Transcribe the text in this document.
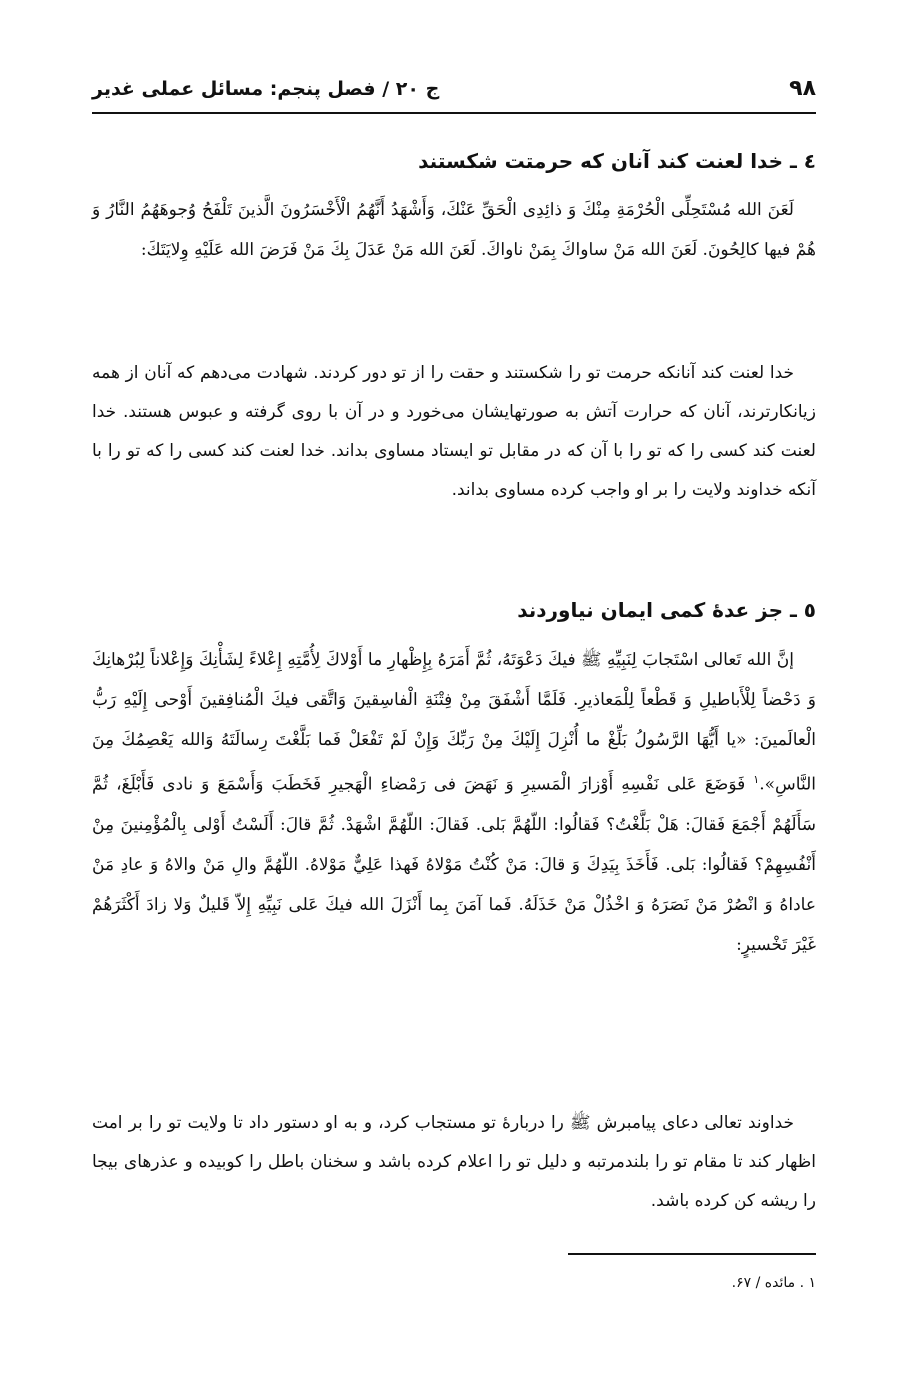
۹۸
ج ۲۰ / فصل پنجم: مسائل عملی غدیر
٤ ـ خدا لعنت كند آنان كه حرمتت شكستند

لَعَنَ الله مُسْتَحِلِّى الْحُرْمَةِ مِنْكَ وَ ذائِدِى الْحَقِّ عَنْكَ، وَأَشْهَدُ أَنَّهُمُ الْأَخْسَرُونَ الَّذينَ تَلْفَحُ وُجوهَهُمُ النَّارُ وَ هُمْ فيها كالِحُونَ. لَعَنَ الله مَنْ ساواكَ بِمَنْ ناواكَ. لَعَنَ الله مَنْ عَدَلَ بِكَ مَنْ فَرَضَ الله عَلَيْهِ وِلايَتَكَ:

خدا لعنت كند آنانكه حرمت تو را شكستند و حقت را از تو دور كردند. شهادت مى‌دهم كه آنان از همه زيانكارترند، آنان كه حرارت آتش به صورتهايشان مى‌خورد و در آن با روى گرفته و عبوس هستند. خدا لعنت كند كسى را كه تو را با آن كه در مقابل تو ايستاد مساوى بداند. خدا لعنت كند كسى را كه تو را با آنكه خداوند ولايت را بر او واجب كرده مساوى بداند.

٥ ـ جز عدۀ كمى ايمان نياوردند

إنَّ الله تَعالى اسْتَجابَ لِنَبِيِّهِ ﷺ فيكَ دَعْوَتَهُ، ثُمَّ أَمَرَهُ بِإِظْهارِ ما أَوْلاكَ لِأُمَّتِهِ إِعْلاءً لِشَأْنِكَ وَإِعْلاناً لِبُرْهانِكَ وَ دَحْضاً لِلْأَباطيلِ وَ قَطْعاً لِلْمَعاذيرِ. فَلَمَّا أَشْفَقَ مِنْ فِتْنَةِ الْفاسِقينَ وَاتَّقى فيكَ الْمُنافِقينَ أَوْحى إِلَيْهِ رَبُّ الْعالَمينَ: «يا أَيُّهَا الرَّسُولُ بَلِّغْ ما أُنْزِلَ إِلَيْكَ مِنْ رَبِّكَ وَإِنْ لَمْ تَفْعَلْ فَما بَلَّغْتَ رِسالَتَهُ وَالله يَعْصِمُكَ مِنَ النَّاسِ».$^١$ فَوَضَعَ عَلى نَفْسِهِ أَوْزارَ الْمَسيرِ وَ نَهَضَ فى رَمْضاءِ الْهَجيرِ فَخَطَبَ وَأَسْمَعَ وَ نادى فَأَبْلَغَ، ثُمَّ سَأَلَهُمْ أَجْمَعَ فَقالَ: هَلْ بَلَّغْتُ؟ فَقالُوا: اللّهُمَّ بَلى. فَقالَ: اللّهُمَّ اشْهَدْ. ثُمَّ قالَ: أَلَسْتُ أَوْلى بِالْمُؤْمِنينَ مِنْ أَنْفُسِهِمْ؟ فَقالُوا: بَلى. فَأَخَذَ بِيَدِكَ وَ قالَ: مَنْ كُنْتُ مَوْلاهُ فَهذا عَلِيٌّ مَوْلاهُ. اللّهُمَّ والِ مَنْ والاهُ وَ عادِ مَنْ عاداهُ وَ انْصُرْ مَنْ نَصَرَهُ وَ اخْذُلْ مَنْ خَذَلَهُ. فَما آمَنَ بِما أَنْزَلَ الله فيكَ عَلى نَبِيِّهِ إِلاّ قَليلٌ وَلا زادَ أَكْثَرَهُمْ غَيْرَ تَخْسيرٍ:

خداوند تعالى دعاى پيامبرش ﷺ را دربارۀ تو مستجاب كرد، و به او دستور داد تا ولايت تو را بر امت اظهار كند تا مقام تو را بلندمرتبه و دليل تو را اعلام كرده باشد و سخنان باطل را كوبيده و عذرهاى بيجا را ريشه كن كرده باشد.

١ . مائده / ۶۷.
